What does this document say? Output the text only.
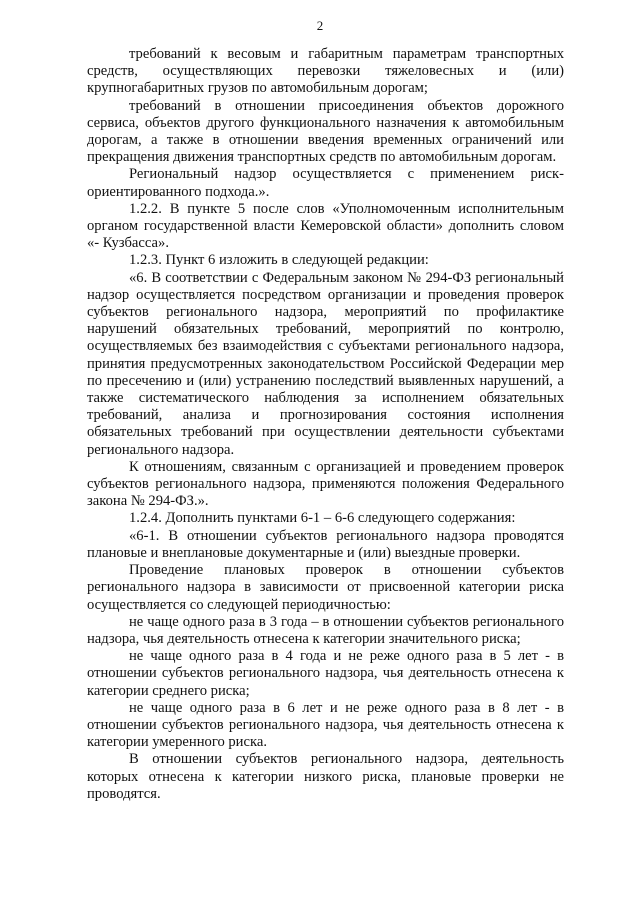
2

требований к весовым и габаритным параметрам транспортных средств, осуществляющих перевозки тяжеловесных и (или) крупногабаритных грузов по автомобильным дорогам;

требований в отношении присоединения объектов дорожного сервиса, объектов другого функционального назначения к автомобильным дорогам, а также в отношении введения временных ограничений или прекращения движения транспортных средств по автомобильным дорогам.

Региональный надзор осуществляется с применением риск-ориентированного подхода.».

1.2.2. В пункте 5 после слов «Уполномоченным исполнительным органом государственной власти Кемеровской области» дополнить словом «- Кузбасса».

1.2.3. Пункт 6 изложить в следующей редакции:

«6. В соответствии с Федеральным законом № 294-ФЗ региональный надзор осуществляется посредством организации и проведения проверок субъектов регионального надзора, мероприятий по профилактике нарушений обязательных требований, мероприятий по контролю, осуществляемых без взаимодействия с субъектами регионального надзора, принятия предусмотренных законодательством Российской Федерации мер по пресечению и (или) устранению последствий выявленных нарушений, а также систематического наблюдения за исполнением обязательных требований, анализа и прогнозирования состояния исполнения обязательных требований при осуществлении деятельности субъектами регионального надзора.

К отношениям, связанным с организацией и проведением проверок субъектов регионального надзора, применяются положения Федерального закона № 294-ФЗ.».

1.2.4. Дополнить пунктами 6-1 – 6-6 следующего содержания:

«6-1. В отношении субъектов регионального надзора проводятся плановые и внеплановые документарные и (или) выездные проверки.

Проведение плановых проверок в отношении субъектов регионального надзора в зависимости от присвоенной категории риска осуществляется со следующей периодичностью:

не чаще одного раза в 3 года – в отношении субъектов регионального надзора, чья деятельность отнесена к категории значительного риска;

не чаще одного раза в 4 года и не реже одного раза в 5 лет - в отношении субъектов регионального надзора, чья деятельность отнесена к категории среднего риска;

не чаще одного раза в 6 лет и не реже одного раза в 8 лет - в отношении субъектов регионального надзора, чья деятельность отнесена к категории умеренного риска.

В отношении субъектов регионального надзора, деятельность которых отнесена к категории низкого риска, плановые проверки не проводятся.
